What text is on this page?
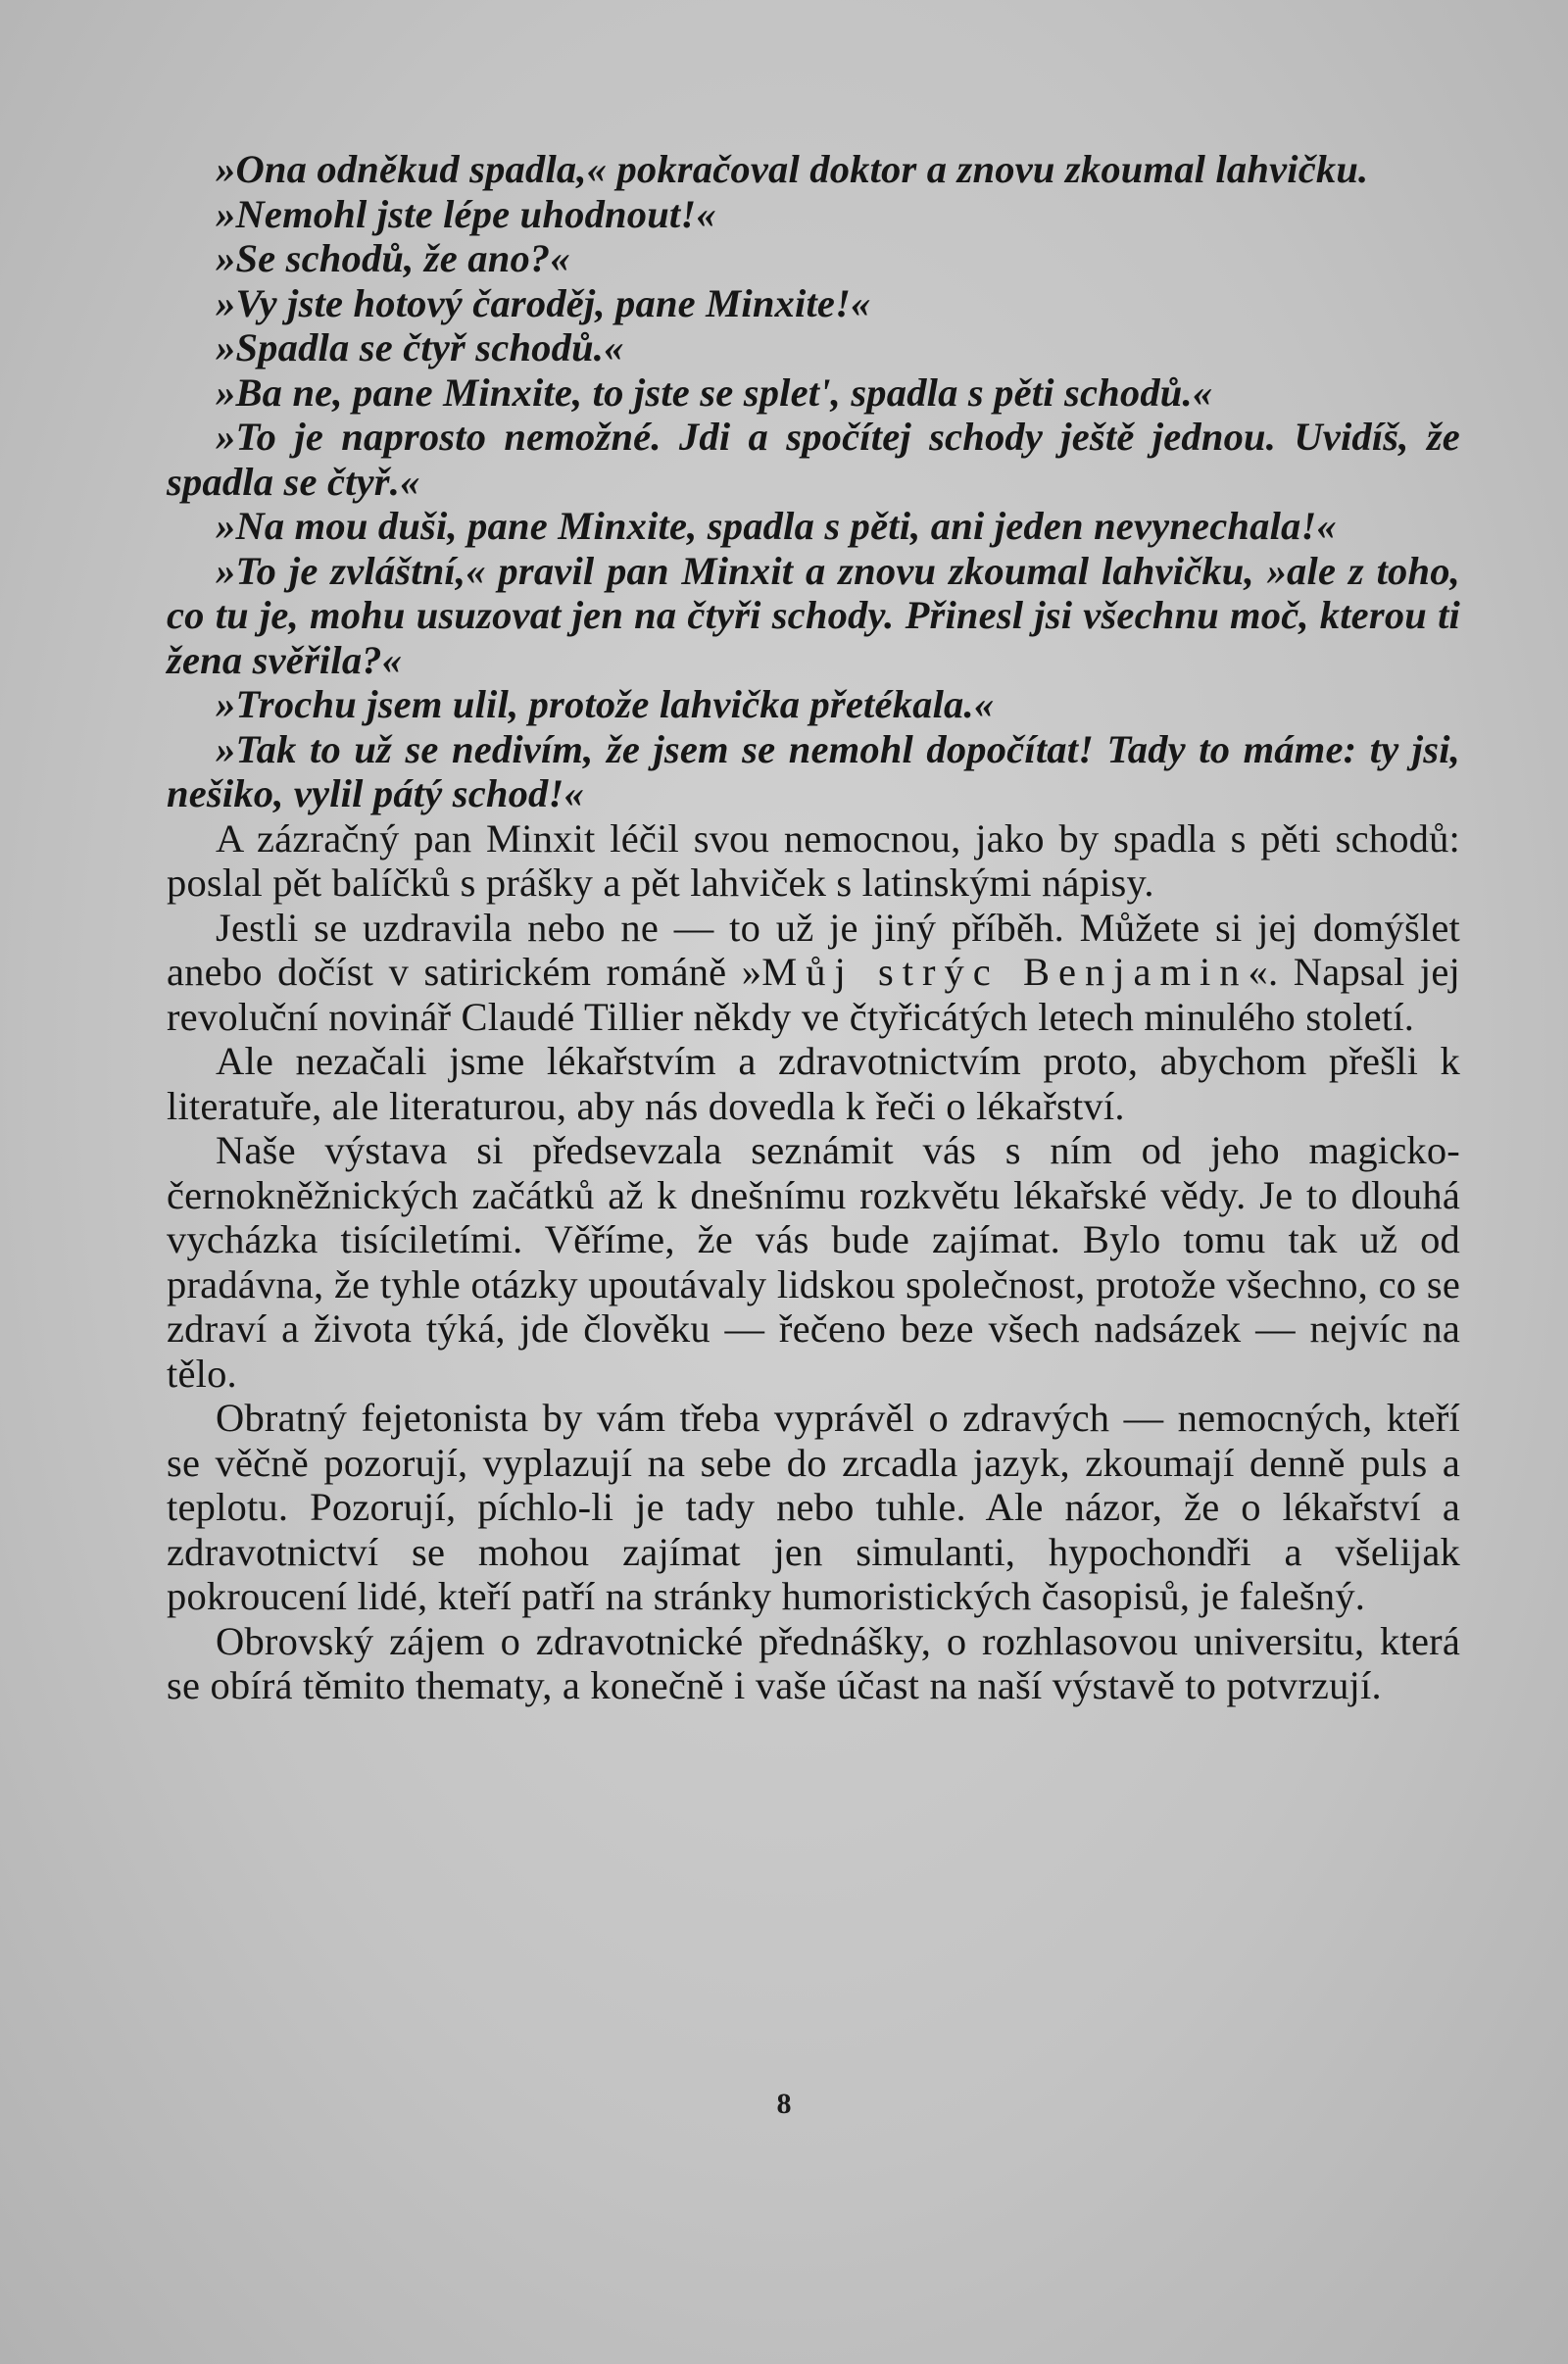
»Ona odněkud spadla,« pokračoval doktor a znovu zkoumal lahvičku.

»Nemohl jste lépe uhodnout!«

»Se schodů, že ano?«

»Vy jste hotový čaroděj, pane Minxite!«

»Spadla se čtyř schodů.«

»Ba ne, pane Minxite, to jste se splet', spadla s pěti schodů.«

»To je naprosto nemožné. Jdi a spočítej schody ještě jednou. Uvidíš, že spadla se čtyř.«

»Na mou duši, pane Minxite, spadla s pěti, ani jeden nevynechala!«

»To je zvláštní,« pravil pan Minxit a znovu zkoumal lahvičku, »ale z toho, co tu je, mohu usuzovat jen na čtyři schody. Přinesl jsi všechnu moč, kterou ti žena svěřila?«

»Trochu jsem ulil, protože lahvička přetékala.«

»Tak to už se nedivím, že jsem se nemohl dopočítat! Tady to máme: ty jsi, nešiko, vylil pátý schod!«

A zázračný pan Minxit léčil svou nemocnou, jako by spadla s pěti schodů: poslal pět balíčků s prášky a pět lahviček s latinskými nápisy.

Jestli se uzdravila nebo ne — to už je jiný příběh. Můžete si jej domýšlet anebo dočíst v satirickém románě »Můj strýc Benjamin«. Napsal jej revoluční novinář Claudé Tillier někdy ve čtyřicátých letech minulého století.

Ale nezačali jsme lékařstvím a zdravotnictvím proto, abychom přešli k literatuře, ale literaturou, aby nás dovedla k řeči o lékařství.

Naše výstava si předsevzala seznámit vás s ním od jeho magicko-černokněžnických začátků až k dnešnímu rozkvětu lékařské vědy. Je to dlouhá vycházka tisíciletími. Věříme, že vás bude zajímat. Bylo tomu tak už od pradávna, že tyhle otázky upoutávaly lidskou společnost, protože všechno, co se zdraví a života týká, jde člověku — řečeno beze všech nadsázek — nejvíc na tělo.

Obratný fejetonista by vám třeba vyprávěl o zdravých — nemocných, kteří se věčně pozorují, vyplazují na sebe do zrcadla jazyk, zkoumají denně puls a teplotu. Pozorují, píchlo-li je tady nebo tuhle. Ale názor, že o lékařství a zdravotnictví se mohou zajímat jen simulanti, hypochondři a všelijak pokroucení lidé, kteří patří na stránky humoristických časopisů, je falešný.

Obrovský zájem o zdravotnické přednášky, o rozhlasovou universitu, která se obírá těmito thematy, a konečně i vaše účast na naší výstavě to potvrzují.

8
